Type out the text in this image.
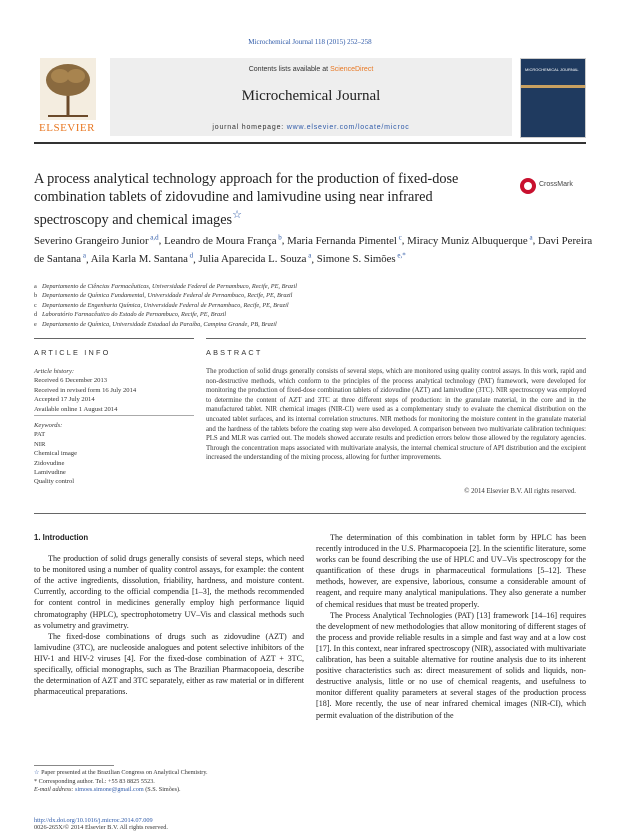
Microchemical Journal 118 (2015) 252–258
ELSEVIER
Contents lists available at ScienceDirect
Microchemical Journal
journal homepage: www.elsevier.com/locate/microc
MICROCHEMICAL JOURNAL
A process analytical technology approach for the production of fixed-dose combination tablets of zidovudine and lamivudine using near infrared spectroscopy and chemical images☆
CrossMark
Severino Grangeiro Junior $^{a,d}$, Leandro de Moura França $^b$, Maria Fernanda Pimentel $^c$, Miracy Muniz Albuquerque $^a$, Davi Pereira de Santana $^a$, Aila Karla M. Santana $^d$, Julia Aparecida L. Souza $^a$, Simone S. Simões $^{e,*}$
a Departamento de Ciências Farmacêuticas, Universidade Federal de Pernambuco, Recife, PE, Brazil
b Departamento de Química Fundamental, Universidade Federal de Pernambuco, Recife, PE, Brazil
c Departamento de Engenharia Química, Universidade Federal de Pernambuco, Recife, PE, Brazil
d Laboratório Farmacêutico do Estado de Pernambuco, Recife, PE, Brazil
e Departamento de Química, Universidade Estadual da Paraíba, Campina Grande, PB, Brazil
ARTICLE INFO	ABSTRACT
Article history:
Received 6 December 2013
Received in revised form 16 July 2014
Accepted 17 July 2014
Available online 1 August 2014
Keywords:
PAT
NIR
Chemical image
Zidovudine
Lamivudine
Quality control
The production of solid drugs generally consists of several steps, which are monitored using quality control assays. In this work, rapid and non-destructive methods, which conform to the principles of the process analytical technology (PAT) framework, were developed for monitoring the production of fixed-dose combination tablets of zidovudine (AZT) and lamivudine (3TC). NIR spectroscopy was employed to determine the content of AZT and 3TC at three different steps of production: in the granulate material, in the core and in the manufactured tablet. NIR chemical images (NIR-CI) were used as a complementary study to evaluate the chemical distribution on the uncoated tablet surfaces, and its internal correlation structures. NIR methods for monitoring the moisture content in the granulate material and the hardness of the tablets before the coating step were also developed. A comparison between two multivariate calibration techniques: PLS and MLR was carried out. The models showed accurate results and prediction errors below those allowed by the regulatory agencies. Through the concentration maps associated with multivariate analysis, the internal chemical structure of API distribution and the excipient increased the understanding of the mixing process, allowing for further improvements.
© 2014 Elsevier B.V. All rights reserved.
1. Introduction

The production of solid drugs generally consists of several steps, which need to be monitored using a number of quality control assays, for example: the content of the active ingredients, dissolution, friability, hardness, and moisture content. Currently, according to the official compendia [1–3], the methods recommended for content control in medicines generally employ high performance liquid chromatography (HPLC), spectrophotometry UV–Vis and classical methods such as volumetry and gravimetry.

The fixed-dose combinations of drugs such as zidovudine (AZT) and lamivudine (3TC), are nucleoside analogues and potent selective inhibitors of the HIV-1 and HIV-2 viruses [4]. For the fixed-dose combination of AZT + 3TC, specifically, official monographs, such as The Brazilian Pharmacopoeia, describe the determination of AZT and 3TC separately, either as raw material or in different pharmaceutical preparations.

The determination of this combination in tablet form by HPLC has been recently introduced in the U.S. Pharmacopoeia [2]. In the scientific literature, some works can be found describing the use of HPLC and UV–Vis spectroscopy for the quantification of these drugs in pharmaceutical formulations [5–12]. These methods, however, are expensive, laborious, consume a considerable amount of reagent, and require many analytical manipulations. They also generate a number of chemical residues that must be treated properly.

The Process Analytical Technologies (PAT) [13] framework [14–16] requires the development of new methodologies that allow monitoring of different stages of the process and provide reliable results in a simple and fast way and at a low cost [17]. In this context, near infrared spectroscopy (NIR), associated with multivariate calibration, has been a suitable alternative for routine analysis due to its inherent positive characteristics such as: direct measurement of solids and liquids, non-destructive analysis, little or no use of chemical reagents, and usefulness to monitor different quality parameters at several stages of the production process [18]. More recently, the use of near infrared chemical images (NIR-CI), which permit evaluation of the distribution of the

☆ Paper presented at the Brazilian Congress on Analytical Chemistry.
* Corresponding author. Tel.: +55 83 8825 5523.
E-mail address: simoes.simone@gmail.com (S.S. Simões).
http://dx.doi.org/10.1016/j.microc.2014.07.009
0026-265X/© 2014 Elsevier B.V. All rights reserved.
